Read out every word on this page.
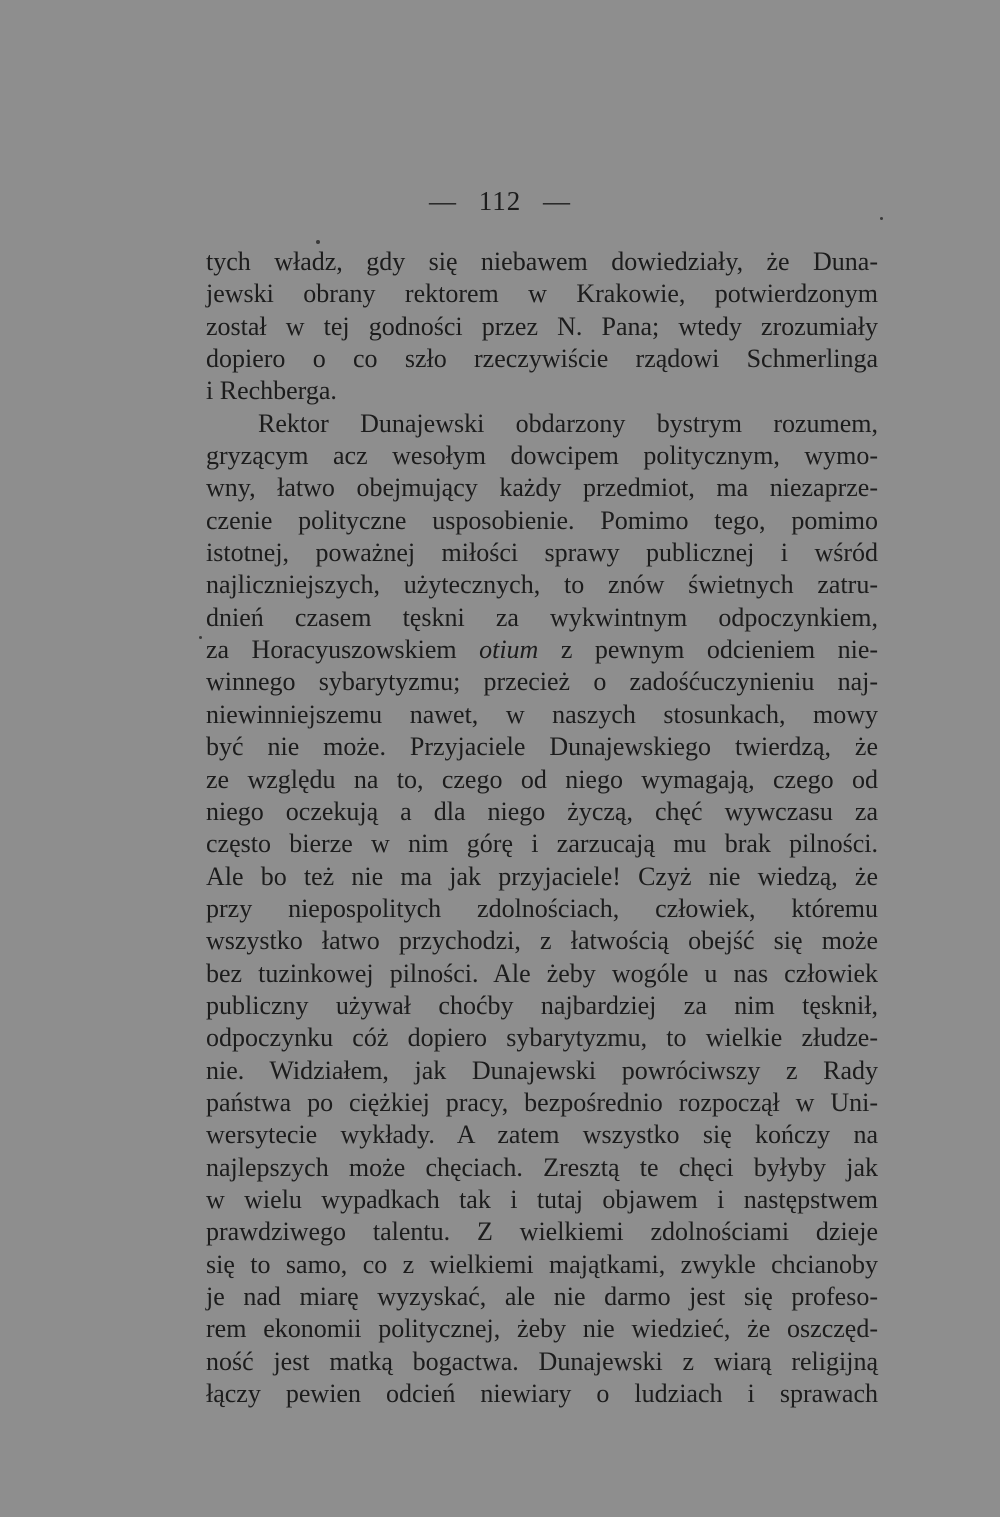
— 112 —
tych władz, gdy się niebawem dowiedziały, że Duna-
jewski obrany rektorem w Krakowie, potwierdzonym
został w tej godności przez N. Pana; wtedy zrozumiały
dopiero o co szło rzeczywiście rządowi Schmerlinga
i Rechberga.
Rektor Dunajewski obdarzony bystrym rozumem,
gryzącym acz wesołym dowcipem politycznym, wymo-
wny, łatwo obejmujący każdy przedmiot, ma niezaprze-
czenie polityczne usposobienie. Pomimo tego, pomimo
istotnej, poważnej miłości sprawy publicznej i wśród
najliczniejszych, użytecznych, to znów świetnych zatru-
dnień czasem tęskni za wykwintnym odpoczynkiem,
za Horacyuszowskiem otium z pewnym odcieniem nie-
winnego sybarytyzmu; przecież o zadośćuczynieniu naj-
niewinniejszemu nawet, w naszych stosunkach, mowy
być nie może. Przyjaciele Dunajewskiego twierdzą, że
ze względu na to, czego od niego wymagają, czego od
niego oczekują a dla niego życzą, chęć wywczasu za
często bierze w nim górę i zarzucają mu brak pilności.
Ale bo też nie ma jak przyjaciele! Czyż nie wiedzą, że
przy niepospolitych zdolnościach, człowiek, któremu
wszystko łatwo przychodzi, z łatwością obejść się może
bez tuzinkowej pilności. Ale żeby wogóle u nas człowiek
publiczny używał choćby najbardziej za nim tęsknił,
odpoczynku cóż dopiero sybarytyzmu, to wielkie złudze-
nie. Widziałem, jak Dunajewski powróciwszy z Rady
państwa po ciężkiej pracy, bezpośrednio rozpoczął w Uni-
wersytecie wykłady. A zatem wszystko się kończy na
najlepszych może chęciach. Zresztą te chęci byłyby jak
w wielu wypadkach tak i tutaj objawem i następstwem
prawdziwego talentu. Z wielkiemi zdolnościami dzieje
się to samo, co z wielkiemi majątkami, zwykle chcianoby
je nad miarę wyzyskać, ale nie darmo jest się profeso-
rem ekonomii politycznej, żeby nie wiedzieć, że oszczęd-
ność jest matką bogactwa. Dunajewski z wiarą religijną
łączy pewien odcień niewiary o ludziach i sprawach
